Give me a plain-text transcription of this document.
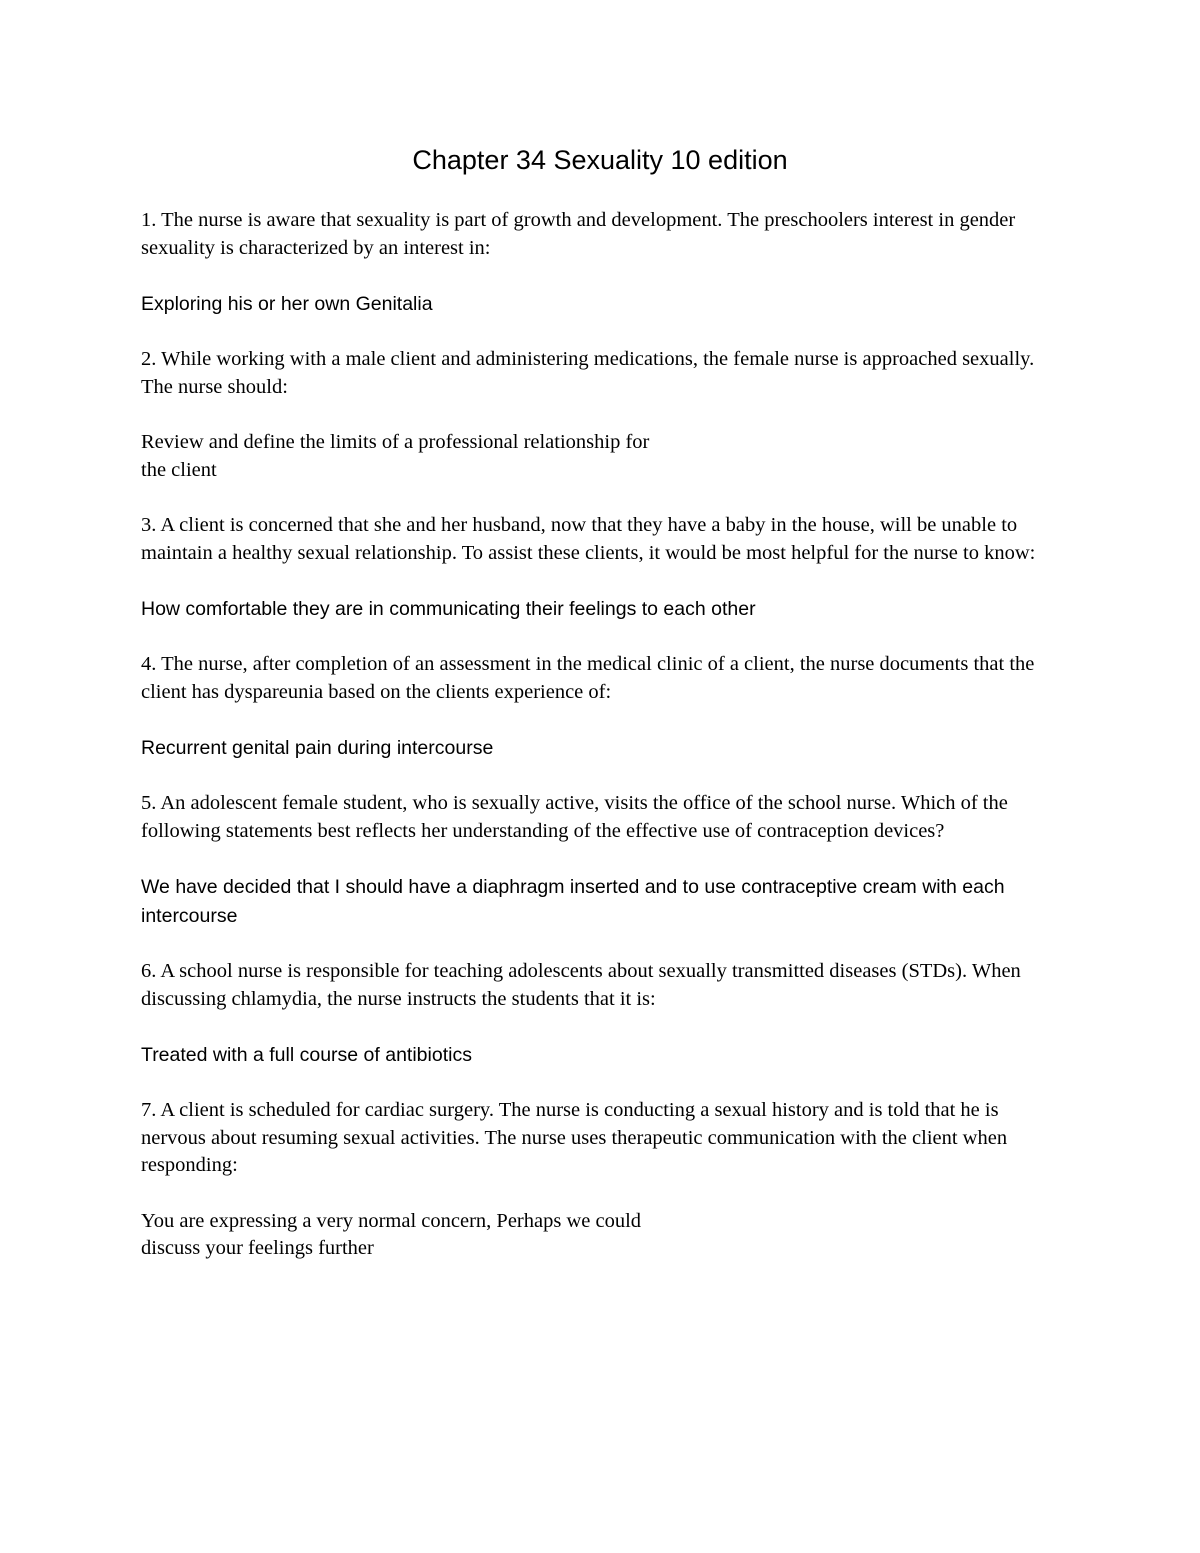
Chapter 34 Sexuality 10 edition

1. The nurse is aware that sexuality is part of growth and development. The preschoolers interest in gender sexuality is characterized by an interest in:

Exploring his or her own Genitalia

2. While working with a male client and administering medications, the female nurse is approached sexually. The nurse should:

Review and define the limits of a professional relationship for
the client

3. A client is concerned that she and her husband, now that they have a baby in the house, will be unable to maintain a healthy sexual relationship. To assist these clients, it would be most helpful for the nurse to know:

How comfortable they are in communicating their feelings to each other

4. The nurse, after completion of an assessment in the medical clinic of a client, the nurse documents that the client has dyspareunia based on the clients experience of:

Recurrent genital pain during intercourse

5. An adolescent female student, who is sexually active, visits the office of the school nurse. Which of the following statements best reflects her understanding of the effective use of contraception devices?

We have decided that I should have a diaphragm inserted and to use contraceptive cream with each intercourse

6. A school nurse is responsible for teaching adolescents about sexually transmitted diseases (STDs). When discussing chlamydia, the nurse instructs the students that it is:

Treated with a full course of antibiotics

7. A client is scheduled for cardiac surgery. The nurse is conducting a sexual history and is told that he is nervous about resuming sexual activities. The nurse uses therapeutic communication with the client when responding:

You are expressing a very normal concern, Perhaps we could
discuss your feelings further
